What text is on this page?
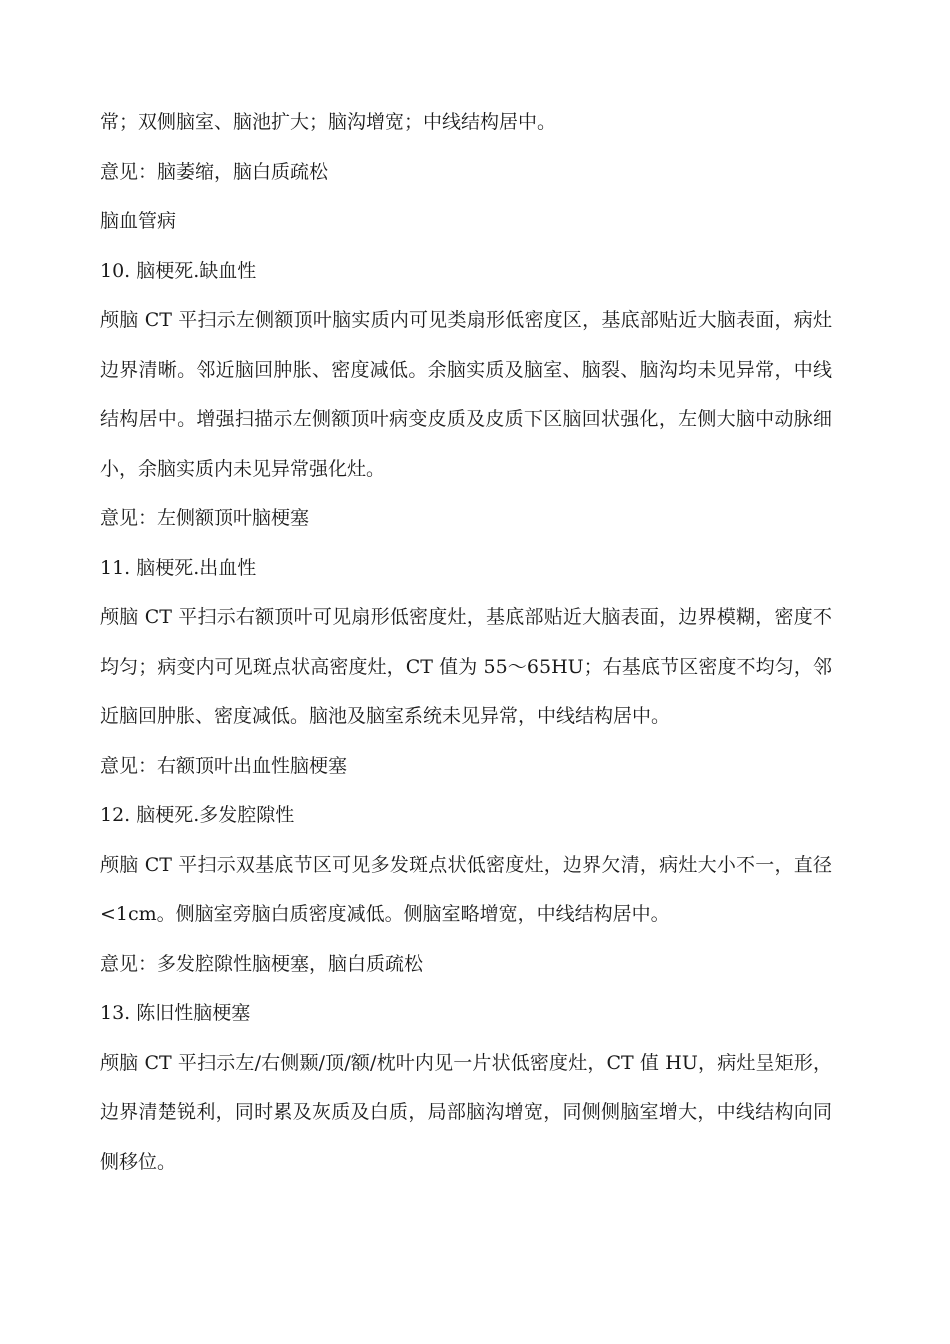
常；双侧脑室、脑池扩大；脑沟增宽；中线结构居中。

意见：脑萎缩，脑白质疏松

脑血管病

10. 脑梗死.缺血性

颅脑 CT 平扫示左侧额顶叶脑实质内可见类扇形低密度区，基底部贴近大脑表面，病灶边界清晰。邻近脑回肿胀、密度减低。余脑实质及脑室、脑裂、脑沟均未见异常，中线结构居中。增强扫描示左侧额顶叶病变皮质及皮质下区脑回状强化，左侧大脑中动脉细小，余脑实质内未见异常强化灶。

意见：左侧额顶叶脑梗塞

11. 脑梗死.出血性

颅脑 CT 平扫示右额顶叶可见扇形低密度灶，基底部贴近大脑表面，边界模糊，密度不均匀；病变内可见斑点状高密度灶，CT 值为 55～65HU；右基底节区密度不均匀，邻近脑回肿胀、密度减低。脑池及脑室系统未见异常，中线结构居中。

意见：右额顶叶出血性脑梗塞

12. 脑梗死.多发腔隙性

颅脑 CT 平扫示双基底节区可见多发斑点状低密度灶，边界欠清，病灶大小不一，直径<1cm。侧脑室旁脑白质密度减低。侧脑室略增宽，中线结构居中。

意见：多发腔隙性脑梗塞，脑白质疏松

13. 陈旧性脑梗塞

颅脑 CT 平扫示左/右侧颞/顶/额/枕叶内见一片状低密度灶，CT 值 HU，病灶呈矩形，边界清楚锐利，同时累及灰质及白质，局部脑沟增宽，同侧侧脑室增大，中线结构向同侧移位。
